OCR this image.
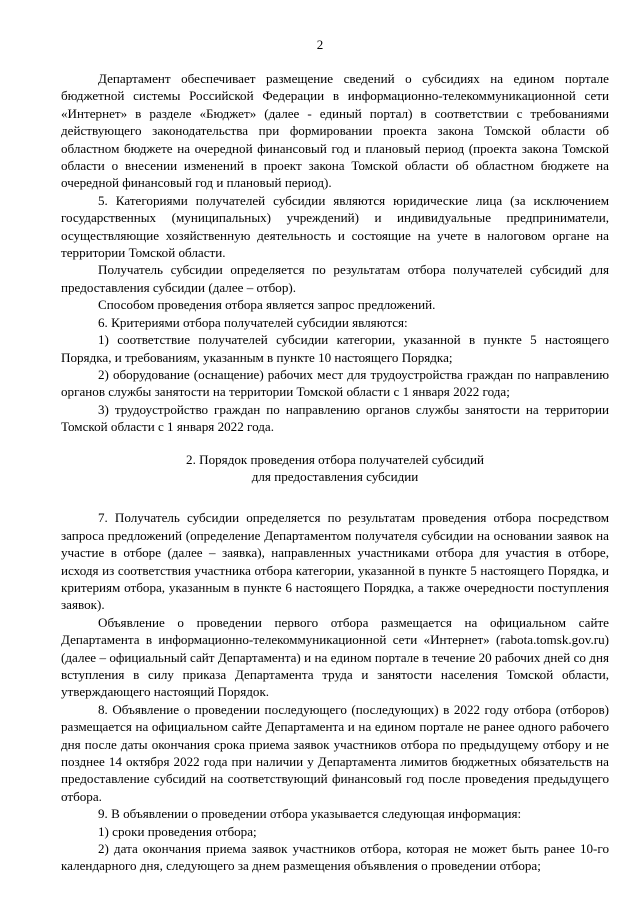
2

Департамент обеспечивает размещение сведений о субсидиях на едином портале бюджетной системы Российской Федерации в информационно-телекоммуникационной сети «Интернет» в разделе «Бюджет» (далее - единый портал) в соответствии с требованиями действующего законодательства при формировании проекта закона Томской области об областном бюджете на очередной финансовый год и плановый период (проекта закона Томской области о внесении изменений в проект закона Томской области об областном бюджете на очередной финансовый год и плановый период).

5. Категориями получателей субсидии являются юридические лица (за исключением государственных (муниципальных) учреждений) и индивидуальные предприниматели, осуществляющие хозяйственную деятельность и состоящие на учете в налоговом органе на территории Томской области.

Получатель субсидии определяется по результатам отбора получателей субсидий для предоставления субсидии (далее – отбор).

Способом проведения отбора является запрос предложений.

6. Критериями отбора получателей субсидии являются:

1) соответствие получателей субсидии категории, указанной в пункте 5 настоящего Порядка, и требованиям, указанным в пункте 10 настоящего Порядка;

2) оборудование (оснащение) рабочих мест для трудоустройства граждан по направлению органов службы занятости на территории Томской области с 1 января 2022 года;

3) трудоустройство граждан по направлению органов службы занятости на территории Томской области с 1 января 2022 года.

2. Порядок проведения отбора получателей субсидий
для предоставления субсидии

7. Получатель субсидии определяется по результатам проведения отбора посредством запроса предложений (определение Департаментом получателя субсидии на основании заявок на участие в отборе (далее – заявка), направленных участниками отбора для участия в отборе, исходя из соответствия участника отбора категории, указанной в пункте 5 настоящего Порядка, и критериям отбора, указанным в пункте 6 настоящего Порядка, а также очередности поступления заявок).

Объявление о проведении первого отбора размещается на официальном сайте Департамента в информационно-телекоммуникационной сети «Интернет» (rabota.tomsk.gov.ru) (далее – официальный сайт Департамента) и на едином портале в течение 20 рабочих дней со дня вступления в силу приказа Департамента труда и занятости населения Томской области, утверждающего настоящий Порядок.

8. Объявление о проведении последующего (последующих) в 2022 году отбора (отборов) размещается на официальном сайте Департамента и на едином портале не ранее одного рабочего дня после даты окончания срока приема заявок участников отбора по предыдущему отбору и не позднее 14 октября 2022 года при наличии у Департамента лимитов бюджетных обязательств на предоставление субсидий на соответствующий финансовый год после проведения предыдущего отбора.

9. В объявлении о проведении отбора указывается следующая информация:

1) сроки проведения отбора;

2) дата окончания приема заявок участников отбора, которая не может быть ранее 10-го календарного дня, следующего за днем размещения объявления о проведении отбора;
